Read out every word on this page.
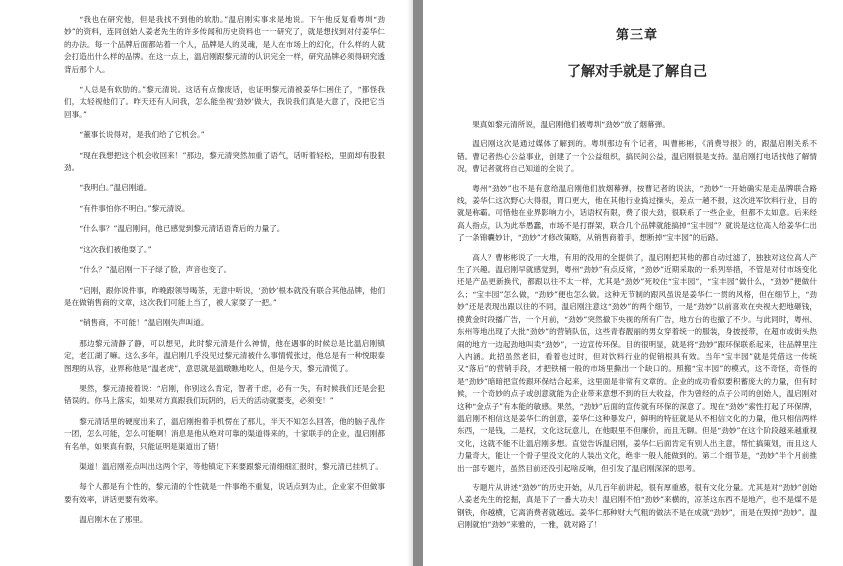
“我也在研究他，但是我找不到他的软肋。”温启刚实事求是地说。下午他反复看粤圳“劲妙”的资料，连同创始人姜老先生的许多传闻和历史资料也一一研究了，就是想找到对付姜华仁的办法。每一个品牌后面都站着一个人，品牌是人的灵魂，是人在市场上的幻化，什么样的人就会打造出什么样的品牌。在这一点上，温启刚跟黎元清的认识完全一样，研究品牌必须得研究透背后那个人。

“人总是有软肋的。”黎元清说。这话有点像废话，也证明黎元清被姜华仁困住了，“都怪我们，太轻视他们了。昨天还有人问我，怎么能坐视‘劲妙’做大，我说我们真是大意了，没把它当回事。”

“董事长说得对，是我们给了它机会。”

“现在我想把这个机会收回来！”那边，黎元清突然加重了语气，话听着轻松，里面却有股狠劲。

“我明白。”温启刚道。

“有件事怕你不明白。”黎元清说。

“什么事？”温启刚问，他已感觉到黎元清话语背后的力量了。

“这次我们被他耍了。”

“什么？”温启刚一下子绿了脸，声音也变了。

“启刚，跟你说件事，昨晚跟领导喝茶，无意中听说，‘劲妙’根本就没有联合其他品牌，他们是在做销售商的文章，这次我们可能上当了，被人家耍了一把。”

“销售商，不可能！”温启刚失声叫道。

那边黎元清静了静，可以想见，此时黎元清是什么神情，他在遇事的时候总是比温启刚镇定，老江湖了嘛。这么多年，温启刚几乎没见过黎元清被什么事情慌张过，他总是有一种悦眼泰图理的从容，业界称他是“温老虎”，意思就是温暾瞧地吃人，但是今天，黎元清慌了。

果然，黎元清接着说：“启刚，你别这么肯定，智者千虑，必有一失，有时候我们还是会犯错误的。你马上落实，如果对方真跟我们玩阴的，后天的活动就要变，必须变！”

黎元清话里的硬度出来了，温启刚抱着手机愣在了那儿，半天不知怎么回答，他的脑子乱作一团，怎么可能，怎么可能啊！消息是他从绝对可靠的渠道得来的，十家联手的企业，温启刚都有名单，如果真有假，只能证明是渠道出了错！

渠道！温启刚差点叫出这两个字，等他镇定下来要跟黎元清细细汇报时，黎元清已挂机了。

每个人都是有个性的，黎元清的个性就是一件事绝不重复，说话点到为止，企业家不但做事要有效率，讲话更要有效率。

温启刚木在了那里。

第三章
了解对手就是了解自己

果真如黎元清所说，温启刚他们被粤圳“劲妙”放了烟幕弹。

温启刚这次是通过媒体了解到的。粤圳那边有个记者，叫曹彬彬，《消费导报》的，跟温启刚关系不错。曹记者热心公益事业，创建了一个公益组织，搞民间公益，温启刚很是支持。温启刚打电话找他了解情况，曹记者就将自己知道的全说了。

粤州“劲妙”也不是有意给温启刚他们放烟幕弹，按曹记者的说法，“劲妙”一开始确实是走品牌联合路线，姜华仁这次野心大得很，胃口更大，他在其他行业捣过操头，差点一趟不报，这次进军饮料行业，目的就是称霸。可惜他在业界影响力小，话语权有限，费了很大劲，很联系了一些企业，但都不太如意。后来经高人指点，认为此举愚蠢，市场不是打群架，联合几个品牌就能搞掉“宝丰园”？就说是这位高人给姜华仁出了一条锦囊妙计，“劲妙”才修改策略，从销售商着手，想断掉“宝丰园”的后路。

高人？曹彬彬说了一大堆，有用的没用的全提供了，温启刚把其他的都自动过滤了，独独对这位高人产生了兴趣。温启刚早就感觉到，粤州“劲妙”有点反常，“劲妙”近期采取的一系列举措，不管是对付市场变化还是产品更新换代，都跟以往不太一样，尤其是“劲妙”死咬住“宝丰园”，“宝丰园”做什么，“劲妙”便做什么；“宝丰园”怎么做，“劲妙”便也怎么做。这种无节制的跟风虽说是姜华仁一贯的风格，但在细节上，“劲妙”还是表现出跟以往的不同，温启刚注意这“劲妙”的两个细节，一是“劲妙”以前喜欢在央视大把地砸钱，摸黄金时段播广告，一个月前，“劲妙”突然撤下央视的所有广告，地方台的也撤了不少。与此同时，粤州、东州等地出现了大批“劲妙”的营销队伍，这些青春靓丽的男女穿着统一的服装，身披授带，在超市或街头热闹的地方一边起劲地叫卖“劲妙”，一边宣传环保。目的很明显，就是将“劲妙”跟环保联系起来，往品牌里注入内涵。此招虽然老旧，看着也过时，但对饮料行业的促销根具有效。当年“宝丰园”就是凭借这一传统又“落后”的营销手段，才把铁桶一般的市场里撕出一个缺口的。照搬“宝丰园”的模式，这不奇怪，奇怪的是“劲妙”暗暗把宣传跟环保结合起来，这里面是非常有文章的。企业的成功看似要积蓄庞大的力量，但有时候，一个奇妙的点子或创意就能为企业带来意想不到的巨大收益，作为曾经的点子公司的创始人，温启刚对这种“金点子”有本能的敏感。果然，“劲妙”后面的宣传就有环保的深意了。现在“劲妙”索性打起了环保牌，温启刚不相信这是姜华仁的创意，姜华仁这种暴发户，鲜明的特征就是从不相信文化的力量，他只相信两样东西，一是钱，二是权，文化这玩意儿，在他眼里不但廉价，而且无聊。但是“劲妙”在这个阶段越来越重视文化，这就不能不让温启刚多想。直觉告诉温启刚，姜华仁后面肯定有别人出主意，帮忙搞策划，而且这人力量奇大，能让一个骨子里没文化的人装出文化，绝非一般人能做到的。第二个细节是，“劲妙”半个月前推出一部专题片，虽然目前还没引起啥反响，但引发了温启刚深深的思考。

专题片从讲述“劲妙”的历史开始，从几百年前讲起，很有厚重感，很有文化分量。尤其是对“劲妙”创始人姜老先生的挖掘，真是下了一番大功夫！温启刚不怕“劲妙”来横的，凉茶这东西不是地产，也不是煤不是钢铁，你越横，它离消费者就越远。姜华仁那种财大气粗的做法不是在成就“劲妙”，而是在毁掉“劲妙”。温启刚就怕“劲妙”来雅的，一雅，就对路了！
